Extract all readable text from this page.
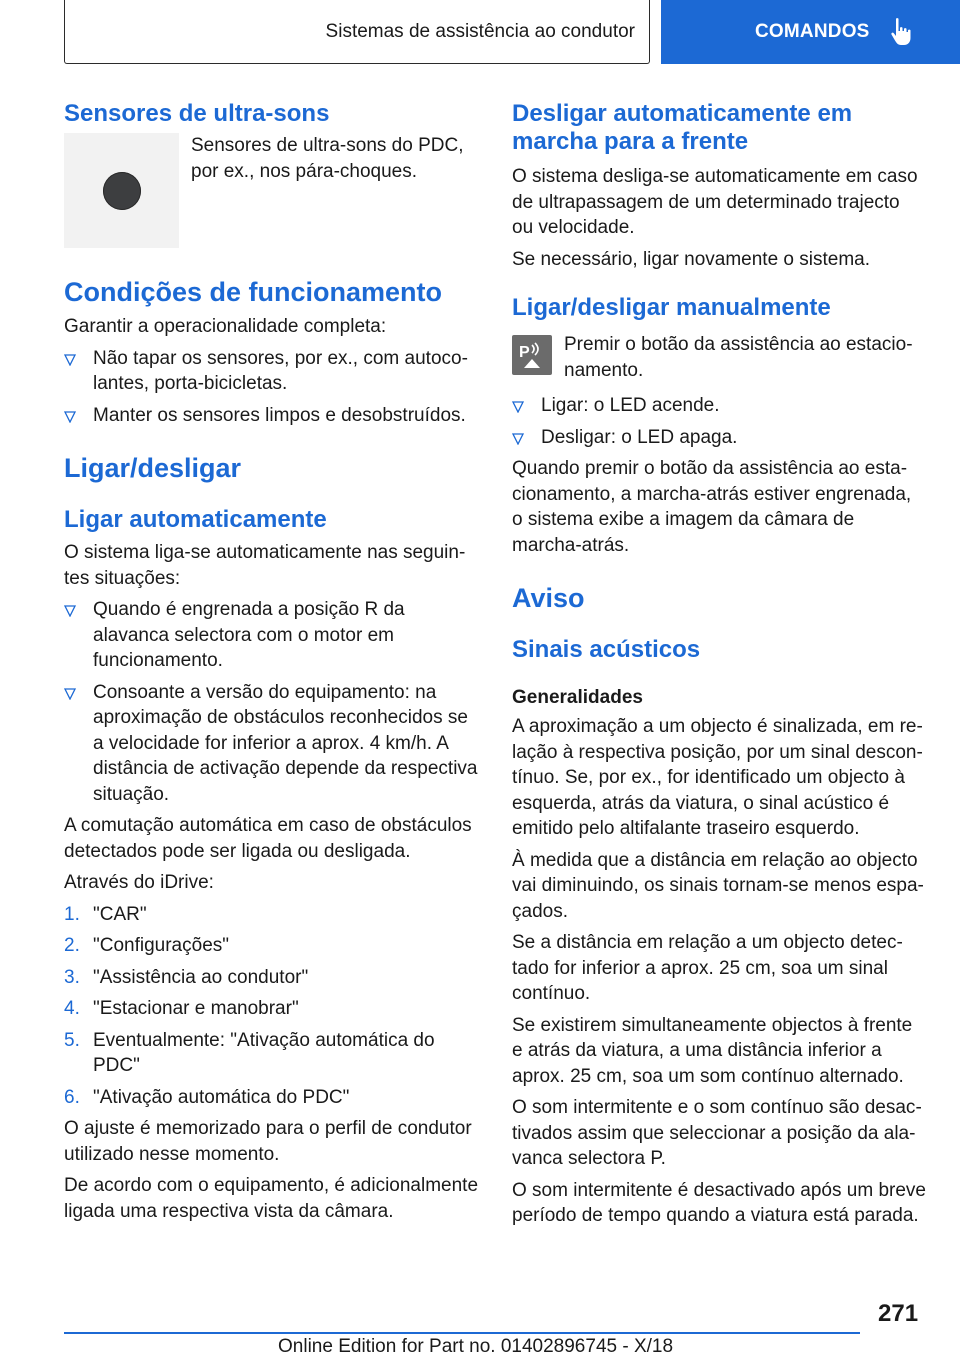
Sistemas de assistência ao condutor	COMANDOS
Sensores de ultra-sons

Sensores de ultra-sons do PDC, por ex., nos pára-choques.

Condições de funcionamento

Garantir a operacionalidade completa:

Não tapar os sensores, por ex., com autocolantes, porta-bicicletas.
Manter os sensores limpos e desobstruídos.
Ligar/desligar
Ligar automaticamente

O sistema liga-se automaticamente nas seguintes situações:

Quando é engrenada a posição R da alavanca selectora com o motor em funcionamento.
Consoante a versão do equipamento: na aproximação de obstáculos reconhecidos se a velocidade for inferior a aprox. 4 km/h. A distância de activação depende da respectiva situação.

A comutação automática em caso de obstáculos detectados pode ser ligada ou desligada.

Através do iDrive:

1. "CAR"
2. "Configurações"
3. "Assistência ao condutor"
4. "Estacionar e manobrar"
5. Eventualmente: "Ativação automática do PDC"
6. "Ativação automática do PDC"

O ajuste é memorizado para o perfil de condutor utilizado nesse momento.

De acordo com o equipamento, é adicionalmente ligada uma respectiva vista da câmara.

Desligar automaticamente em marcha para a frente

O sistema desliga-se automaticamente em caso de ultrapassagem de um determinado trajecto ou velocidade.

Se necessário, ligar novamente o sistema.

Ligar/desligar manualmente
P Premir o botão da assistência ao estacionamento.

Ligar: o LED acende.
Desligar: o LED apaga.

Quando premir o botão da assistência ao estacionamento, a marcha-atrás estiver engrenada, o sistema exibe a imagem da câmara de marcha-atrás.

Aviso
Sinais acústicos
Generalidades

A aproximação a um objecto é sinalizada, em relação à respectiva posição, por um sinal descontínuo. Se, por ex., for identificado um objecto à esquerda, atrás da viatura, o sinal acústico é emitido pelo altifalante traseiro esquerdo.

À medida que a distância em relação ao objecto vai diminuindo, os sinais tornam-se menos espaçados.

Se a distância em relação a um objecto detectado for inferior a aprox. 25 cm, soa um sinal contínuo.

Se existirem simultaneamente objectos à frente e atrás da viatura, a uma distância inferior a aprox. 25 cm, soa um som contínuo alternado.

O som intermitente e o som contínuo são desactivados assim que seleccionar a posição da alavanca selectora P.

O som intermitente é desactivado após um breve período de tempo quando a viatura está parada.

271
Online Edition for Part no. 01402896745 - X/18
